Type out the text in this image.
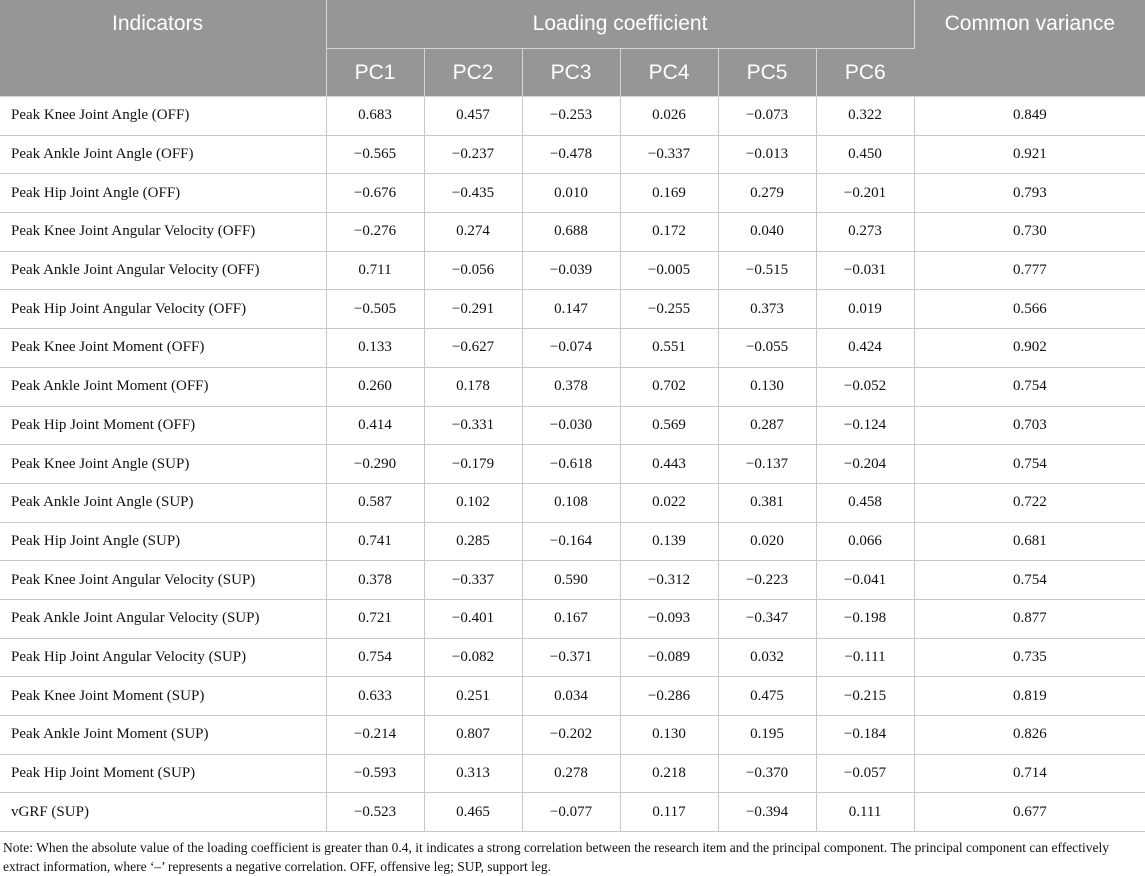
Indicators	Loading coefficient						Common variance
	PC1	PC2	PC3	PC4	PC5	PC6	
Peak Knee Joint Angle (OFF)	0.683	0.457	−0.253	0.026	−0.073	0.322	0.849
Peak Ankle Joint Angle (OFF)	−0.565	−0.237	−0.478	−0.337	−0.013	0.450	0.921
Peak Hip Joint Angle (OFF)	−0.676	−0.435	0.010	0.169	0.279	−0.201	0.793
Peak Knee Joint Angular Velocity (OFF)	−0.276	0.274	0.688	0.172	0.040	0.273	0.730
Peak Ankle Joint Angular Velocity (OFF)	0.711	−0.056	−0.039	−0.005	−0.515	−0.031	0.777
Peak Hip Joint Angular Velocity (OFF)	−0.505	−0.291	0.147	−0.255	0.373	0.019	0.566
Peak Knee Joint Moment (OFF)	0.133	−0.627	−0.074	0.551	−0.055	0.424	0.902
Peak Ankle Joint Moment (OFF)	0.260	0.178	0.378	0.702	0.130	−0.052	0.754
Peak Hip Joint Moment (OFF)	0.414	−0.331	−0.030	0.569	0.287	−0.124	0.703
Peak Knee Joint Angle (SUP)	−0.290	−0.179	−0.618	0.443	−0.137	−0.204	0.754
Peak Ankle Joint Angle (SUP)	0.587	0.102	0.108	0.022	0.381	0.458	0.722
Peak Hip Joint Angle (SUP)	0.741	0.285	−0.164	0.139	0.020	0.066	0.681
Peak Knee Joint Angular Velocity (SUP)	0.378	−0.337	0.590	−0.312	−0.223	−0.041	0.754
Peak Ankle Joint Angular Velocity (SUP)	0.721	−0.401	0.167	−0.093	−0.347	−0.198	0.877
Peak Hip Joint Angular Velocity (SUP)	0.754	−0.082	−0.371	−0.089	0.032	−0.111	0.735
Peak Knee Joint Moment (SUP)	0.633	0.251	0.034	−0.286	0.475	−0.215	0.819
Peak Ankle Joint Moment (SUP)	−0.214	0.807	−0.202	0.130	0.195	−0.184	0.826
Peak Hip Joint Moment (SUP)	−0.593	0.313	0.278	0.218	−0.370	−0.057	0.714
vGRF (SUP)	−0.523	0.465	−0.077	0.117	−0.394	0.111	0.677
Note: When the absolute value of the loading coefficient is greater than 0.4, it indicates a strong correlation between the research item and the principal component. The principal component can effectively extract information, where ‘–’ represents a negative correlation. OFF, offensive leg; SUP, support leg.
